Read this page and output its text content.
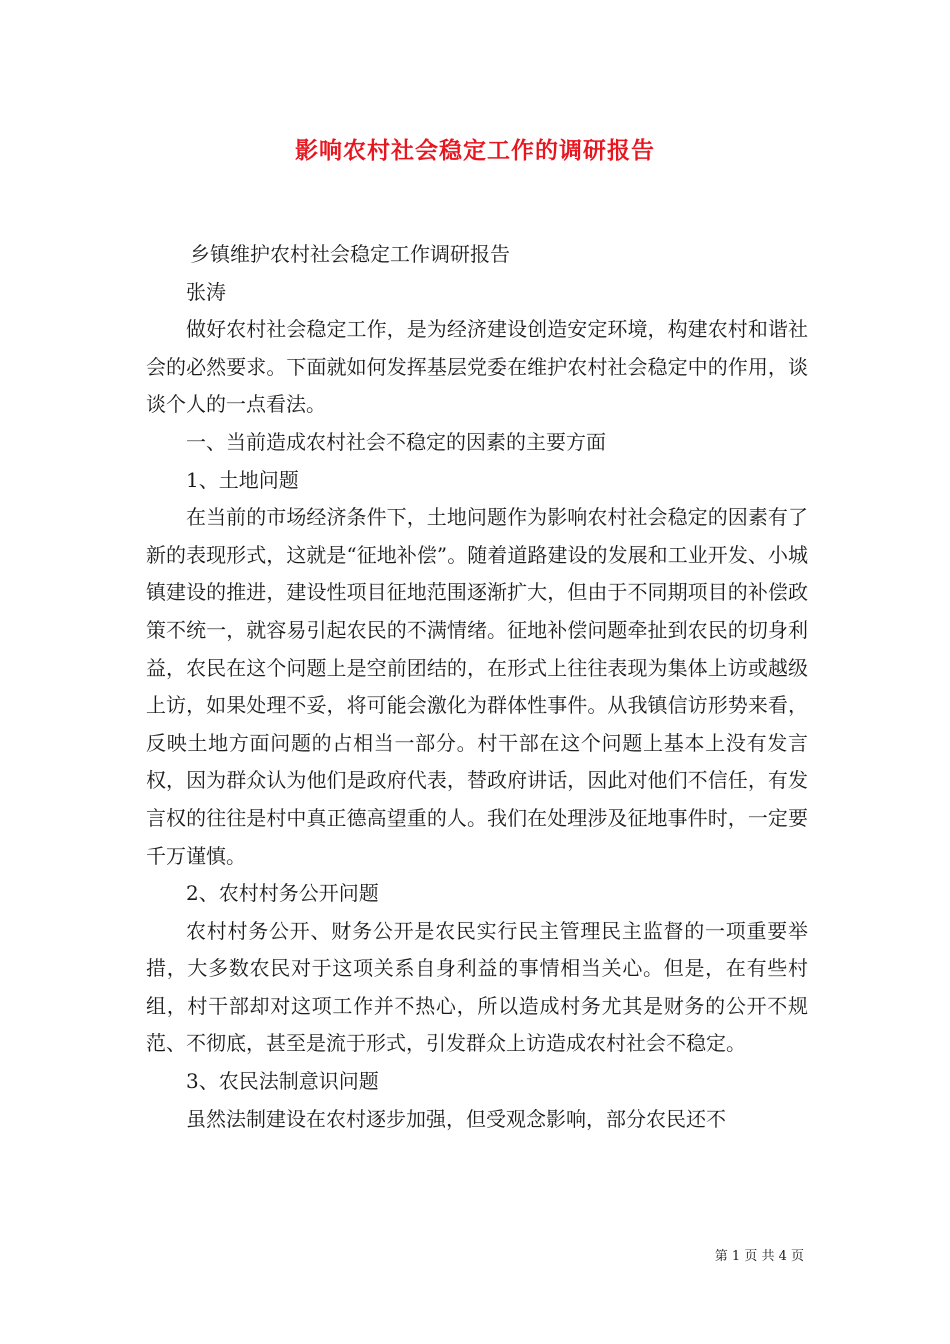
影响农村社会稳定工作的调研报告

乡镇维护农村社会稳定工作调研报告

张涛

做好农村社会稳定工作，是为经济建设创造安定环境，构建农村和谐社会的必然要求。下面就如何发挥基层党委在维护农村社会稳定中的作用，谈谈个人的一点看法。

一、当前造成农村社会不稳定的因素的主要方面

1、土地问题

在当前的市场经济条件下，土地问题作为影响农村社会稳定的因素有了新的表现形式，这就是“征地补偿”。随着道路建设的发展和工业开发、小城镇建设的推进，建设性项目征地范围逐渐扩大，但由于不同期项目的补偿政策不统一，就容易引起农民的不满情绪。征地补偿问题牵扯到农民的切身利益，农民在这个问题上是空前团结的，在形式上往往表现为集体上访或越级上访，如果处理不妥，将可能会激化为群体性事件。从我镇信访形势来看，反映土地方面问题的占相当一部分。村干部在这个问题上基本上没有发言权，因为群众认为他们是政府代表，替政府讲话，因此对他们不信任，有发言权的往往是村中真正德高望重的人。我们在处理涉及征地事件时，一定要千万谨慎。

2、农村村务公开问题

农村村务公开、财务公开是农民实行民主管理民主监督的一项重要举措，大多数农民对于这项关系自身利益的事情相当关心。但是，在有些村组，村干部却对这项工作并不热心，所以造成村务尤其是财务的公开不规范、不彻底，甚至是流于形式，引发群众上访造成农村社会不稳定。

3、农民法制意识问题

虽然法制建设在农村逐步加强，但受观念影响，部分农民还不

第 1 页 共 4 页
